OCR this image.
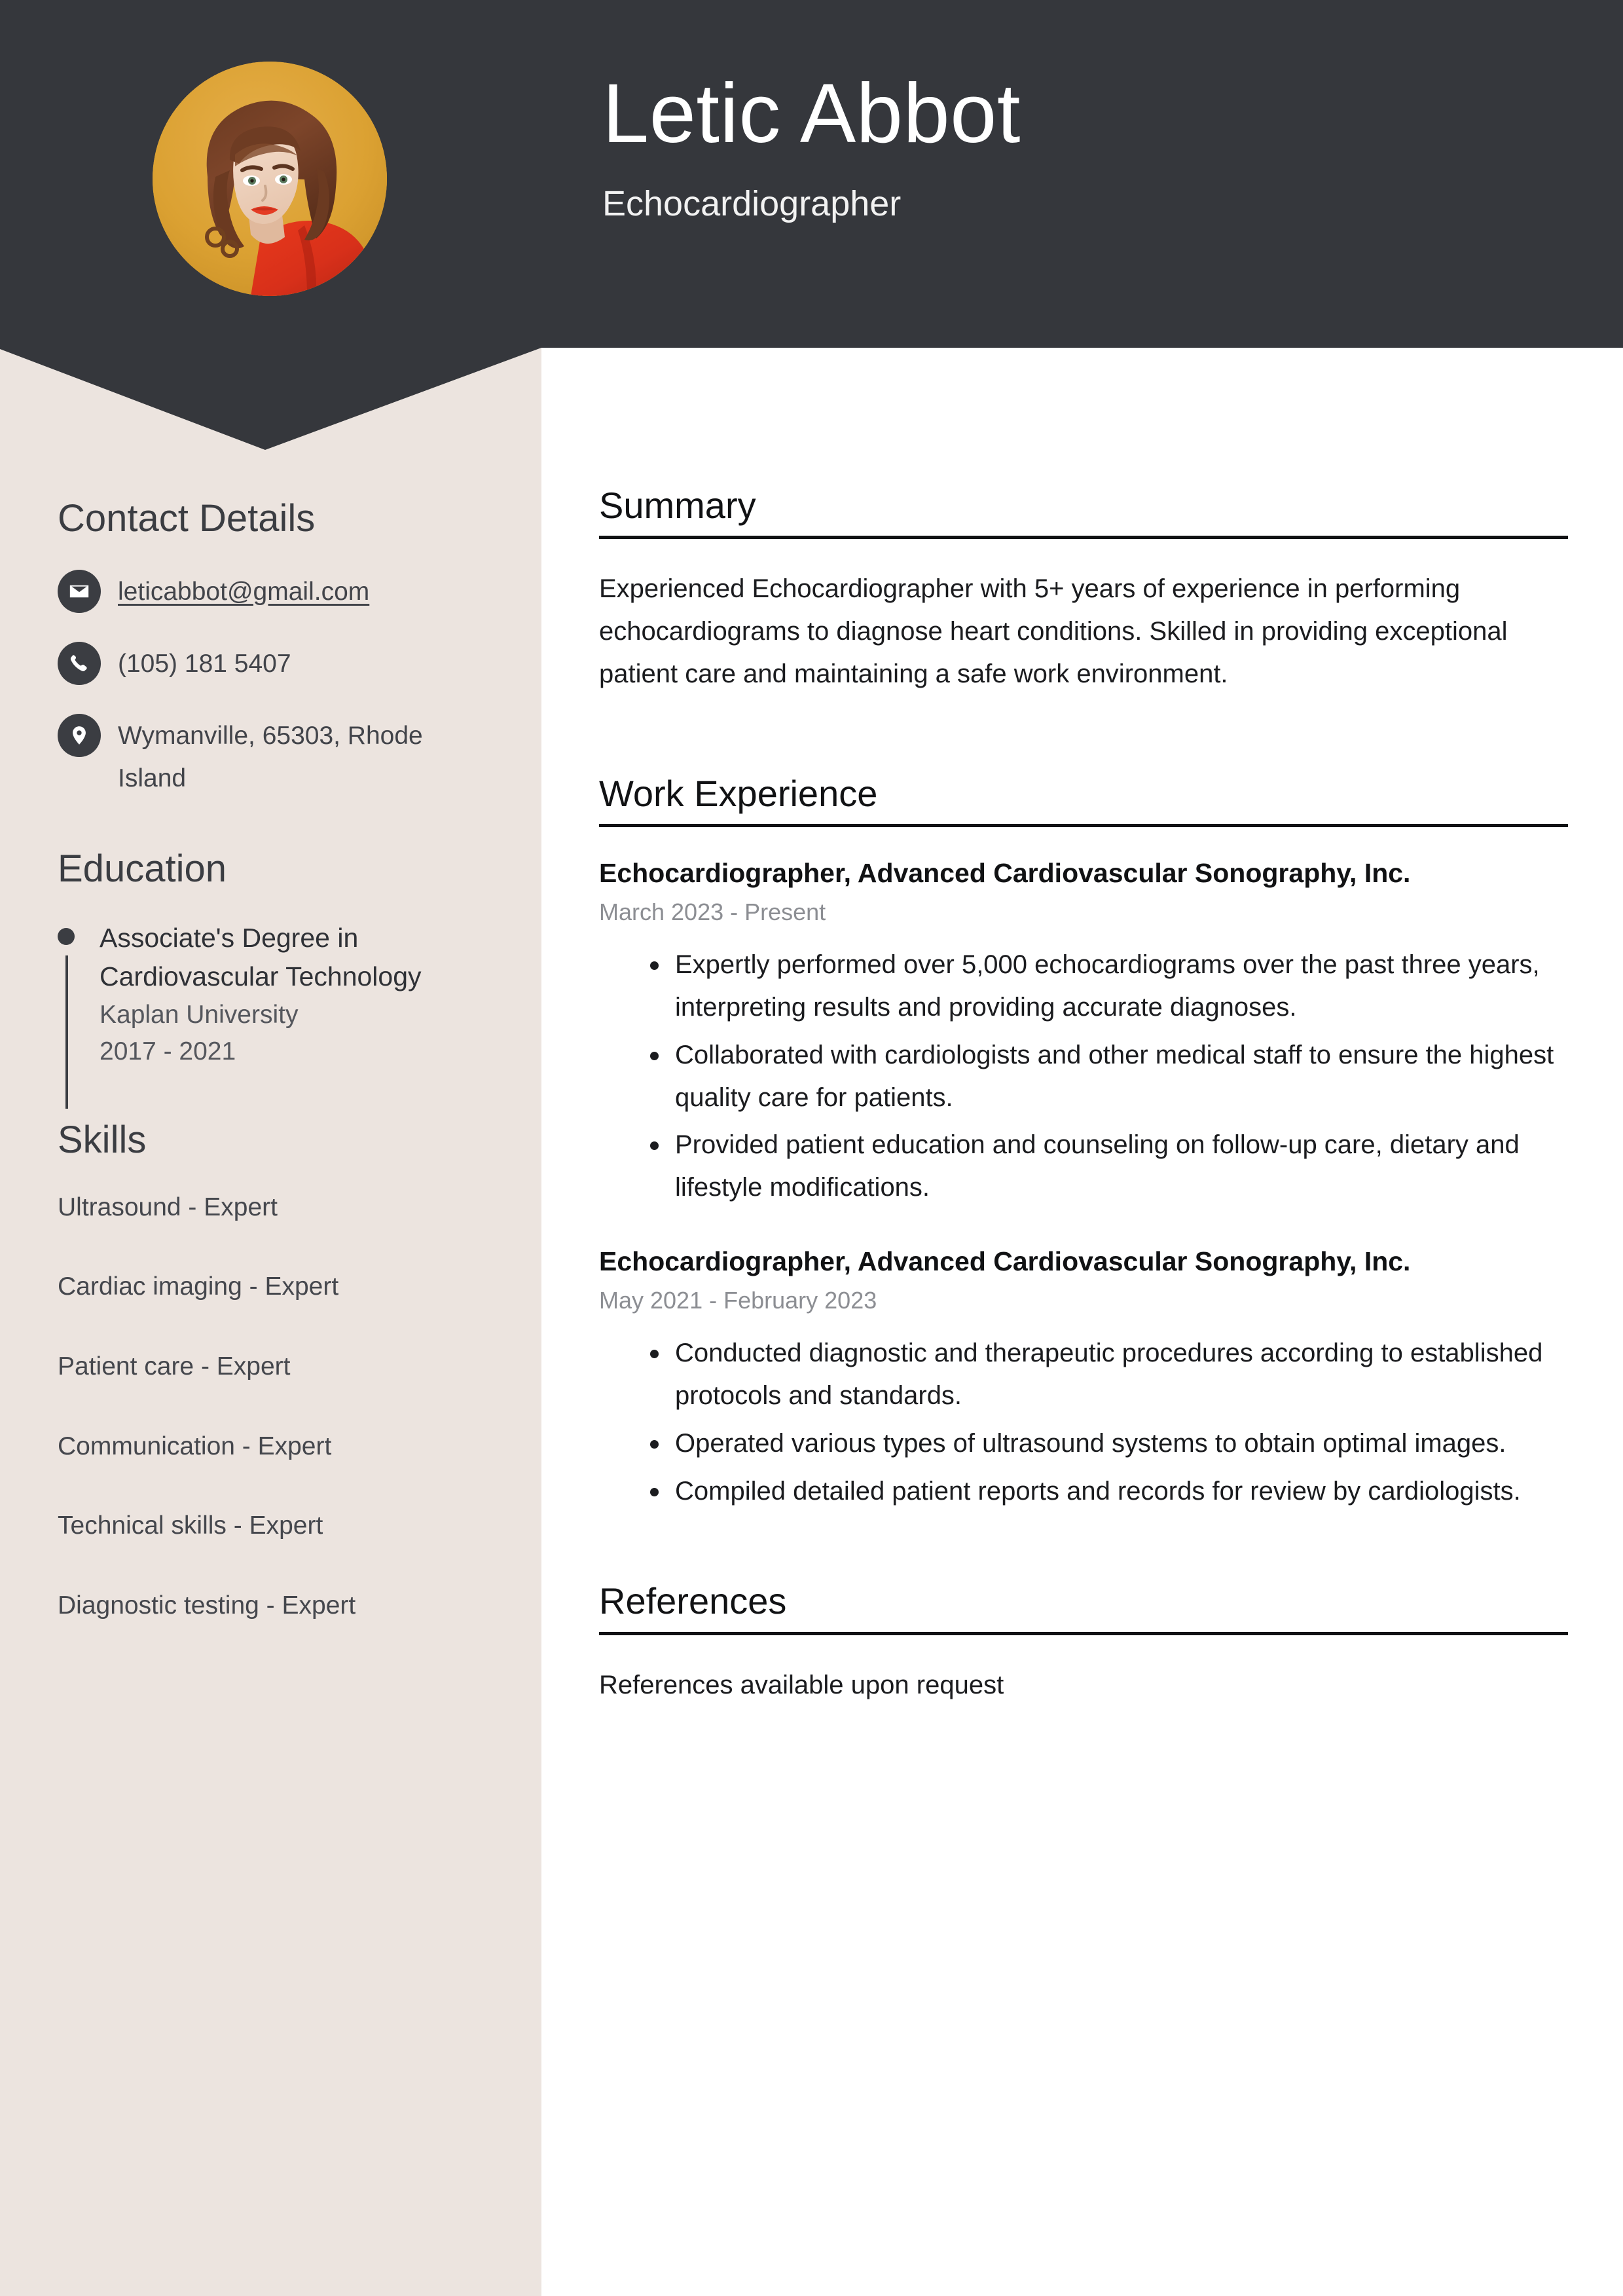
Letic Abbot
Echocardiographer
Contact Details
leticabbot@gmail.com
(105) 181 5407
Wymanville, 65303, Rhode Island
Education
Associate's Degree in Cardiovascular Technology
Kaplan University
2017 - 2021
Skills
Ultrasound - Expert
Cardiac imaging - Expert
Patient care - Expert
Communication - Expert
Technical skills - Expert
Diagnostic testing - Expert
Summary

Experienced Echocardiographer with 5+ years of experience in performing echocardiograms to diagnose heart conditions. Skilled in providing exceptional patient care and maintaining a safe work environment.

Work Experience
Echocardiographer, Advanced Cardiovascular Sonography, Inc.
March 2023 - Present
Expertly performed over 5,000 echocardiograms over the past three years, interpreting results and providing accurate diagnoses.
Collaborated with cardiologists and other medical staff to ensure the highest quality care for patients.
Provided patient education and counseling on follow-up care, dietary and lifestyle modifications.
Echocardiographer, Advanced Cardiovascular Sonography, Inc.
May 2021 - February 2023
Conducted diagnostic and therapeutic procedures according to established protocols and standards.
Operated various types of ultrasound systems to obtain optimal images.
Compiled detailed patient reports and records for review by cardiologists.
References

References available upon request
